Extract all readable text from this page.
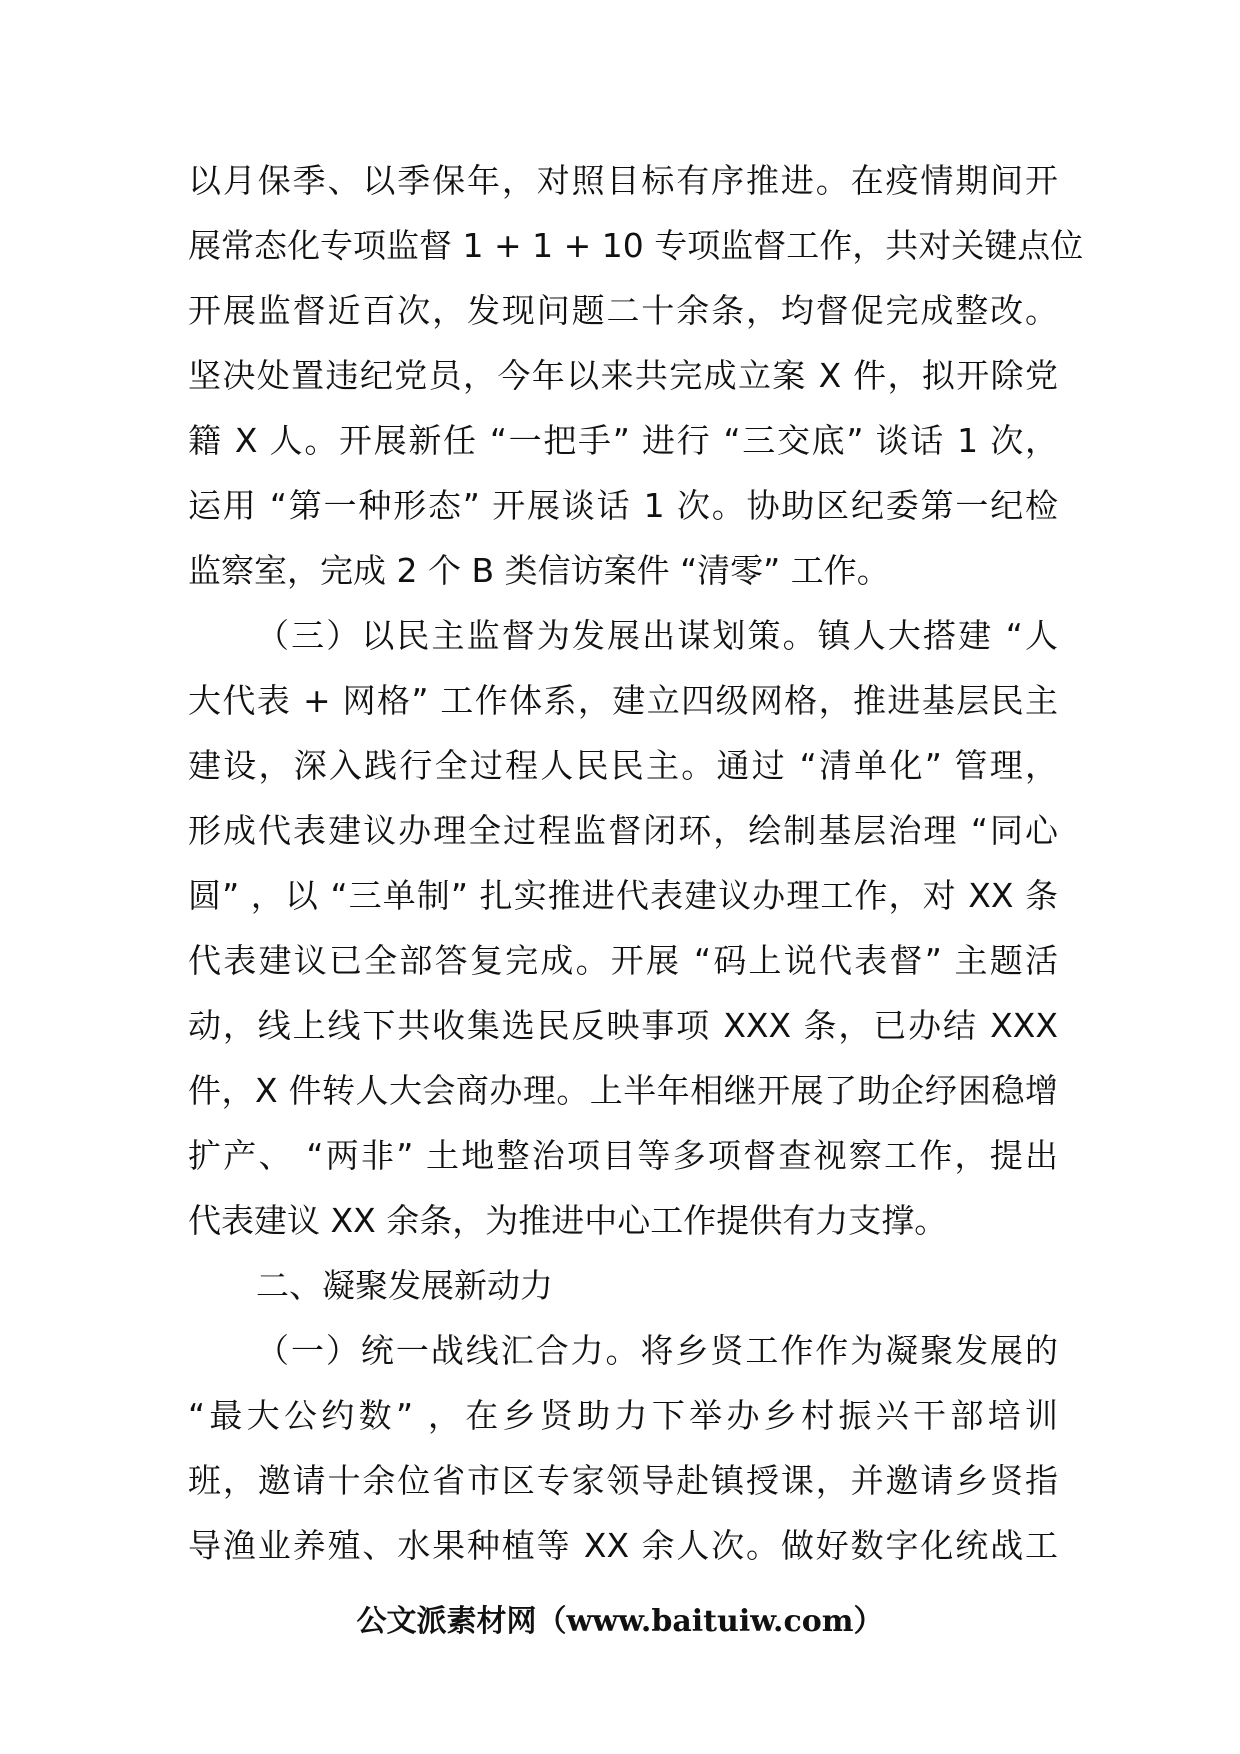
以月保季、以季保年，对照目标有序推进。在疫情期间开
展常态化专项监督 1 + 1 + 10 专项监督工作，共对关键点位
开展监督近百次，发现问题二十余条，均督促完成整改。
坚决处置违纪党员，今年以来共完成立案 X 件，拟开除党
籍 X 人。开展新任 “一把手” 进行 “三交底” 谈话 1 次，
运用 “第一种形态” 开展谈话 1 次。协助区纪委第一纪检
监察室，完成 2 个 B 类信访案件 “清零” 工作。
（三）以民主监督为发展出谋划策。镇人大搭建 “人
大代表 + 网格” 工作体系，建立四级网格，推进基层民主
建设，深入践行全过程人民民主。通过 “清单化” 管理，
形成代表建议办理全过程监督闭环，绘制基层治理 “同心
圆” ，以 “三单制” 扎实推进代表建议办理工作，对 XX 条
代表建议已全部答复完成。开展 “码上说代表督” 主题活
动，线上线下共收集选民反映事项 XXX 条，已办结 XXX
件，X 件转人大会商办理。上半年相继开展了助企纾困稳增
扩产、 “两非” 土地整治项目等多项督查视察工作，提出
代表建议 XX 余条，为推进中心工作提供有力支撑。
二、凝聚发展新动力
（一）统一战线汇合力。将乡贤工作作为凝聚发展的
“最大公约数” ，在乡贤助力下举办乡村振兴干部培训
班，邀请十余位省市区专家领导赴镇授课，并邀请乡贤指
导渔业养殖、水果种植等 XX 余人次。做好数字化统战工
公文派素材网（www.baituiw.com）
